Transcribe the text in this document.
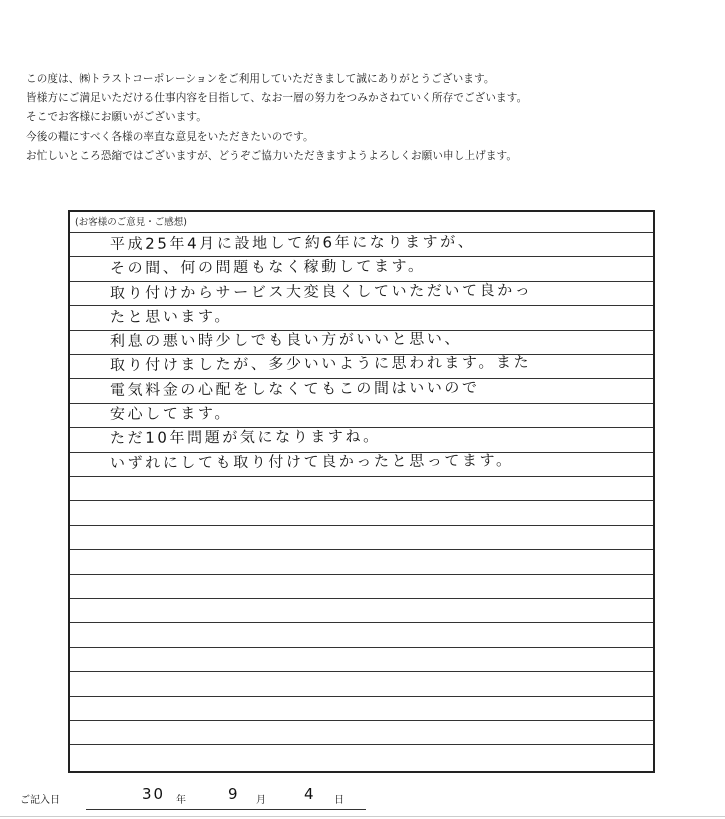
この度は、㈱トラストコーポレーションをご利用していただきまして誠にありがとうございます。
皆様方にご満足いただける仕事内容を目指して、なお一層の努力をつみかさねていく所存でございます。
そこでお客様にお願いがございます。
今後の糧にすべく各様の率直な意見をいただきたいのです。
お忙しいところ恐縮ではございますが、どうぞご協力いただきますようよろしくお願い申し上げます。
(お客様のご意見・ご感想)
平成25年4月に設地して約6年になりますが、
その間、何の問題もなく稼動してます。
取り付けからサービス大変良くしていただいて良かっ
たと思います。
利息の悪い時少しでも良い方がいいと思い、
取り付けましたが、多少いいように思われます。また
電気料金の心配をしなくてもこの間はいいので
安心してます。
ただ10年問題が気になりますね。
いずれにしても取り付けて良かったと思ってます。
ご記入日	30 年	9 月	4 日
